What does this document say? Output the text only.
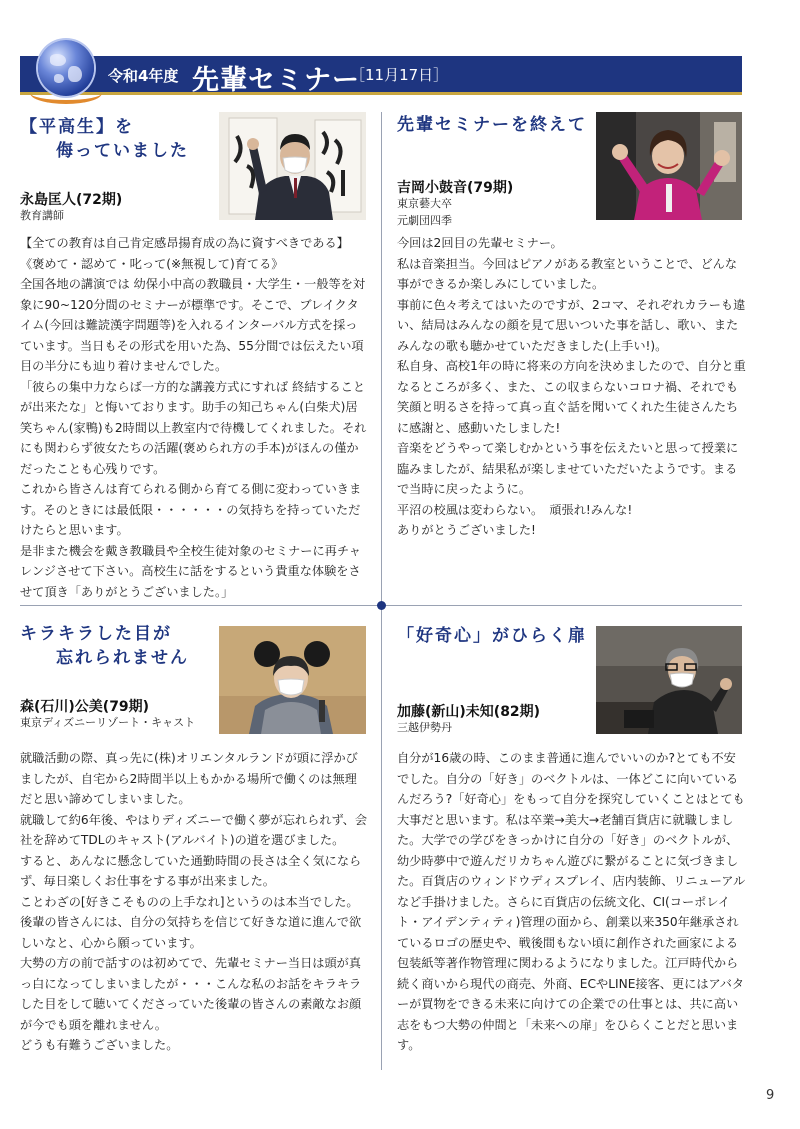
令和4年度 先輩セミナー
［11月17日］
【平高生】を
侮っていました
永島匡人(72期)
教育講師

【全ての教育は自己肯定感昂揚育成の為に資すべきである】

《褒めて・認めて・叱って(※無視して)育てる》

全国各地の講演では 幼保小中高の教職員・大学生・一般等を対象に90~120分間のセミナーが標準です。そこで、ブレイクタイム(今回は難読漢字問題等)を入れるインターバル方式を採っています。当日もその形式を用いた為、55分間では伝えたい項目の半分にも辿り着けませんでした。

「彼らの集中力ならば一方的な講義方式にすれば 終結することが出来たな」と悔いております。助手の知己ちゃん(白柴犬)居笑ちゃん(家鴨)も2時間以上教室内で待機してくれました。それにも関わらず彼女たちの活躍(褒められ方の手本)がほんの僅かだったことも心残りです。

これから皆さんは育てられる側から育てる側に変わっていきます。そのときには最低限・・・・・・の気持ちを持っていただけたらと思います。

是非また機会を戴き教職員や全校生徒対象のセミナーに再チャレンジさせて下さい。高校生に話をするという貴重な体験をさせて頂き「ありがとうございました。」

先輩セミナーを終えて
吉岡小鼓音(79期)
東京藝大卒
元劇団四季

今回は2回目の先輩セミナー。

私は音楽担当。今回はピアノがある教室ということで、どんな事ができるか楽しみにしていました。

事前に色々考えてはいたのですが、2コマ、それぞれカラーも違い、結局はみんなの顔を見て思いついた事を話し、歌い、またみんなの歌も聴かせていただきました(上手い!)。

私自身、高校1年の時に将来の方向を決めましたので、自分と重なるところが多く、また、この収まらないコロナ禍、それでも笑顔と明るさを持って真っ直ぐ話を聞いてくれた生徒さんたちに感謝と、感動いたしました!

音楽をどうやって楽しむかという事を伝えたいと思って授業に臨みましたが、結果私が楽しませていただいたようです。まるで当時に戻ったように。

平沼の校風は変わらない。　頑張れ!みんな!

ありがとうございました!

キラキラした目が
忘れられません
森(石川)公美(79期)
東京ディズニーリゾート・キャスト

就職活動の際、真っ先に(株)オリエンタルランドが頭に浮かびましたが、自宅から2時間半以上もかかる場所で働くのは無理だと思い諦めてしまいました。

就職して約6年後、やはりディズニーで働く夢が忘れられず、会社を辞めてTDLのキャスト(アルバイト)の道を選びました。

すると、あんなに懸念していた通勤時間の長さは全く気にならず、毎日楽しくお仕事をする事が出来ました。

ことわざの[好きこそものの上手なれ]というのは本当でした。

後輩の皆さんには、自分の気持ちを信じて好きな道に進んで欲しいなと、心から願っています。

大勢の方の前で話すのは初めてで、先輩セミナー当日は頭が真っ白になってしまいましたが・・・こんな私のお話をキラキラした目をして聴いてくださっていた後輩の皆さんの素敵なお顔が今でも頭を離れません。

どうも有難うございました。

「好奇心」がひらく扉
加藤(新山)未知(82期)
三越伊勢丹

自分が16歳の時、このまま普通に進んでいいのか?とても不安でした。自分の「好き」のベクトルは、一体どこに向いているんだろう?「好奇心」をもって自分を探究していくことはとても大事だと思います。私は卒業→美大→老舗百貨店に就職しました。大学での学びをきっかけに自分の「好き」のベクトルが、幼少時夢中で遊んだリカちゃん遊びに繋がることに気づきました。百貨店のウィンドウディスプレイ、店内装飾、リニューアルなど手掛けました。さらに百貨店の伝統文化、CI(コーポレイト・アイデンティティ)管理の面から、創業以来350年継承されているロゴの歴史や、戦後間もない頃に創作された画家による包装紙等著作物管理に関わるようになりました。江戸時代から続く商いから現代の商売、外商、ECやLINE接客、更にはアバターが買物をできる未来に向けての企業での仕事とは、共に高い志をもつ大勢の仲間と「未来への扉」をひらくことだと思います。

9
